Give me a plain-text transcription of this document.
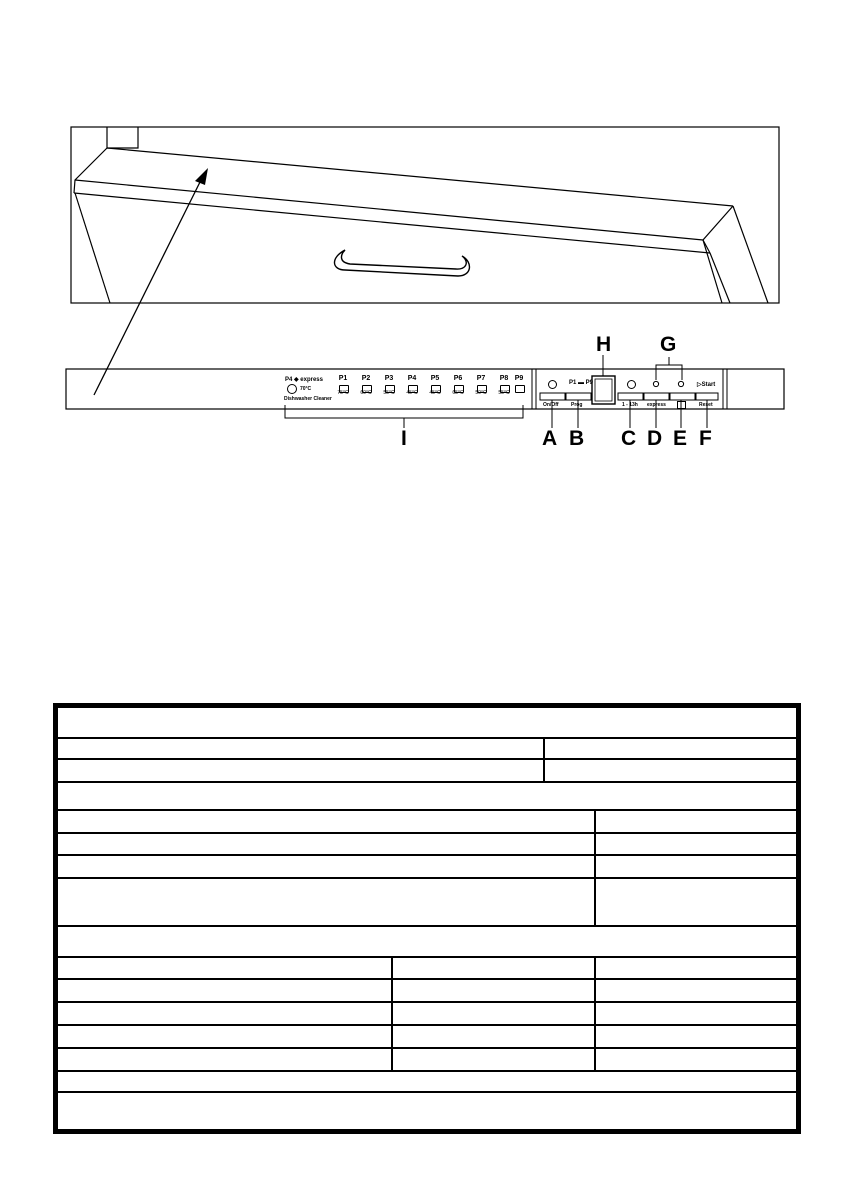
P4 ◆ express
70°C
Dishwasher Cleaner
P1
75°C
P2
60°C
P3
55°C
P4
45°C
P5
45°C
P6
65°C
P7
50°C
P8
55°C
P9
On/Off
P1 ▬ P9
Prog	1 - 13h express
▷Start
Reset
H G
I	A B C D E F
